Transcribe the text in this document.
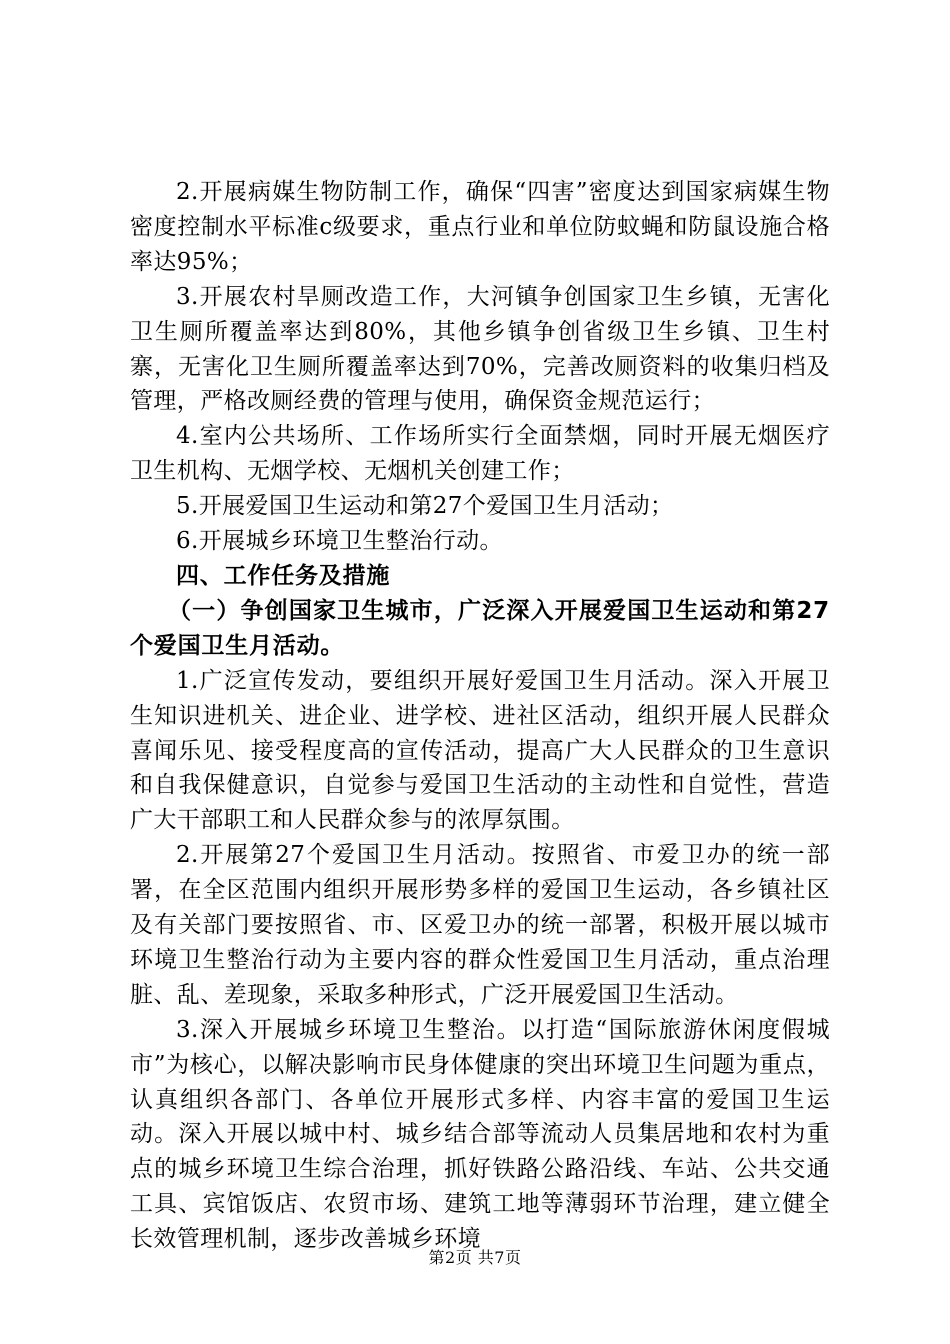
2.开展病媒生物防制工作，确保“四害”密度达到国家病媒生物密度控制水平标准c级要求，重点行业和单位防蚊蝇和防鼠设施合格率达95%；

3.开展农村旱厕改造工作，大河镇争创国家卫生乡镇，无害化卫生厕所覆盖率达到80%，其他乡镇争创省级卫生乡镇、卫生村寨，无害化卫生厕所覆盖率达到70%，完善改厕资料的收集归档及管理，严格改厕经费的管理与使用，确保资金规范运行；

4.室内公共场所、工作场所实行全面禁烟，同时开展无烟医疗卫生机构、无烟学校、无烟机关创建工作；

5.开展爱国卫生运动和第27个爱国卫生月活动；

6.开展城乡环境卫生整治行动。

四、工作任务及措施

（一）争创国家卫生城市，广泛深入开展爱国卫生运动和第27个爱国卫生月活动。

1.广泛宣传发动，要组织开展好爱国卫生月活动。深入开展卫生知识进机关、进企业、进学校、进社区活动，组织开展人民群众喜闻乐见、接受程度高的宣传活动，提高广大人民群众的卫生意识和自我保健意识，自觉参与爱国卫生活动的主动性和自觉性，营造广大干部职工和人民群众参与的浓厚氛围。

2.开展第27个爱国卫生月活动。按照省、市爱卫办的统一部署，在全区范围内组织开展形势多样的爱国卫生运动，各乡镇社区及有关部门要按照省、市、区爱卫办的统一部署，积极开展以城市环境卫生整治行动为主要内容的群众性爱国卫生月活动，重点治理脏、乱、差现象，采取多种形式，广泛开展爱国卫生活动。

3.深入开展城乡环境卫生整治。以打造“国际旅游休闲度假城市”为核心，以解决影响市民身体健康的突出环境卫生问题为重点，认真组织各部门、各单位开展形式多样、内容丰富的爱国卫生运动。深入开展以城中村、城乡结合部等流动人员集居地和农村为重点的城乡环境卫生综合治理，抓好铁路公路沿线、车站、公共交通工具、宾馆饭店、农贸市场、建筑工地等薄弱环节治理，建立健全长效管理机制，逐步改善城乡环境

第2页 共7页
